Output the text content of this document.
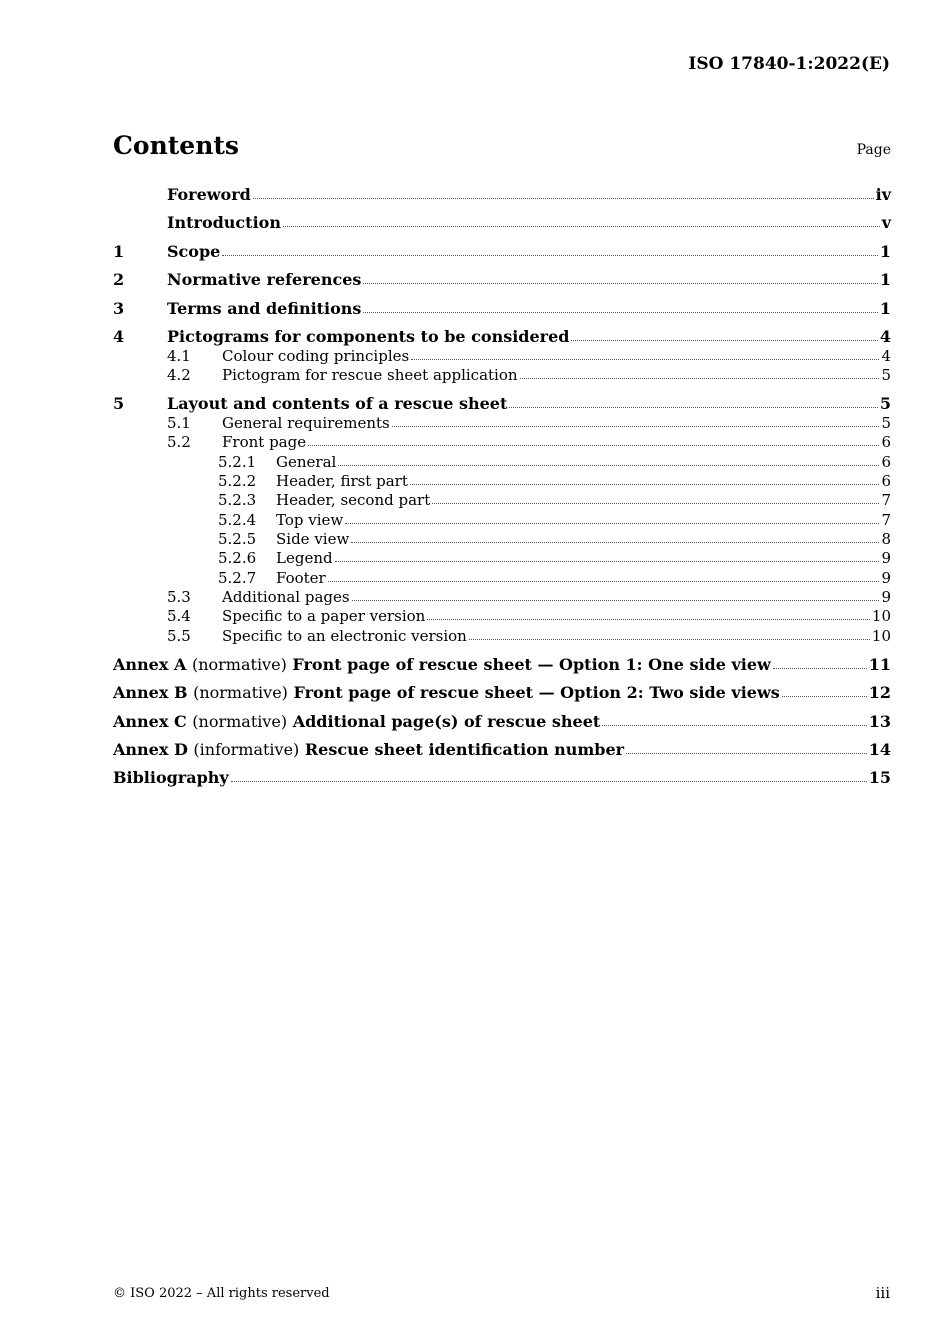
ISO 17840-1:2022(E)
Contents	Page
Foreword	iv
Introduction	v
1	Scope	1
2	Normative references	1
3	Terms and definitions	1
4	Pictograms for components to be considered	4
4.1	Colour coding principles	4
4.2	Pictogram for rescue sheet application	5
5	Layout and contents of a rescue sheet	5
5.1	General requirements	5
5.2	Front page	6
5.2.1	General	6
5.2.2	Header, first part	6
5.2.3	Header, second part	7
5.2.4	Top view	7
5.2.5	Side view	8
5.2.6	Legend	9
5.2.7	Footer	9
5.3	Additional pages	9
5.4	Specific to a paper version	10
5.5	Specific to an electronic version	10
Annex A (normative) Front page of rescue sheet — Option 1: One side view	11
Annex B (normative) Front page of rescue sheet — Option 2: Two side views	12
Annex C (normative) Additional page(s) of rescue sheet	13
Annex D (informative) Rescue sheet identification number	14
Bibliography	15
© ISO 2022 – All rights reserved	iii
